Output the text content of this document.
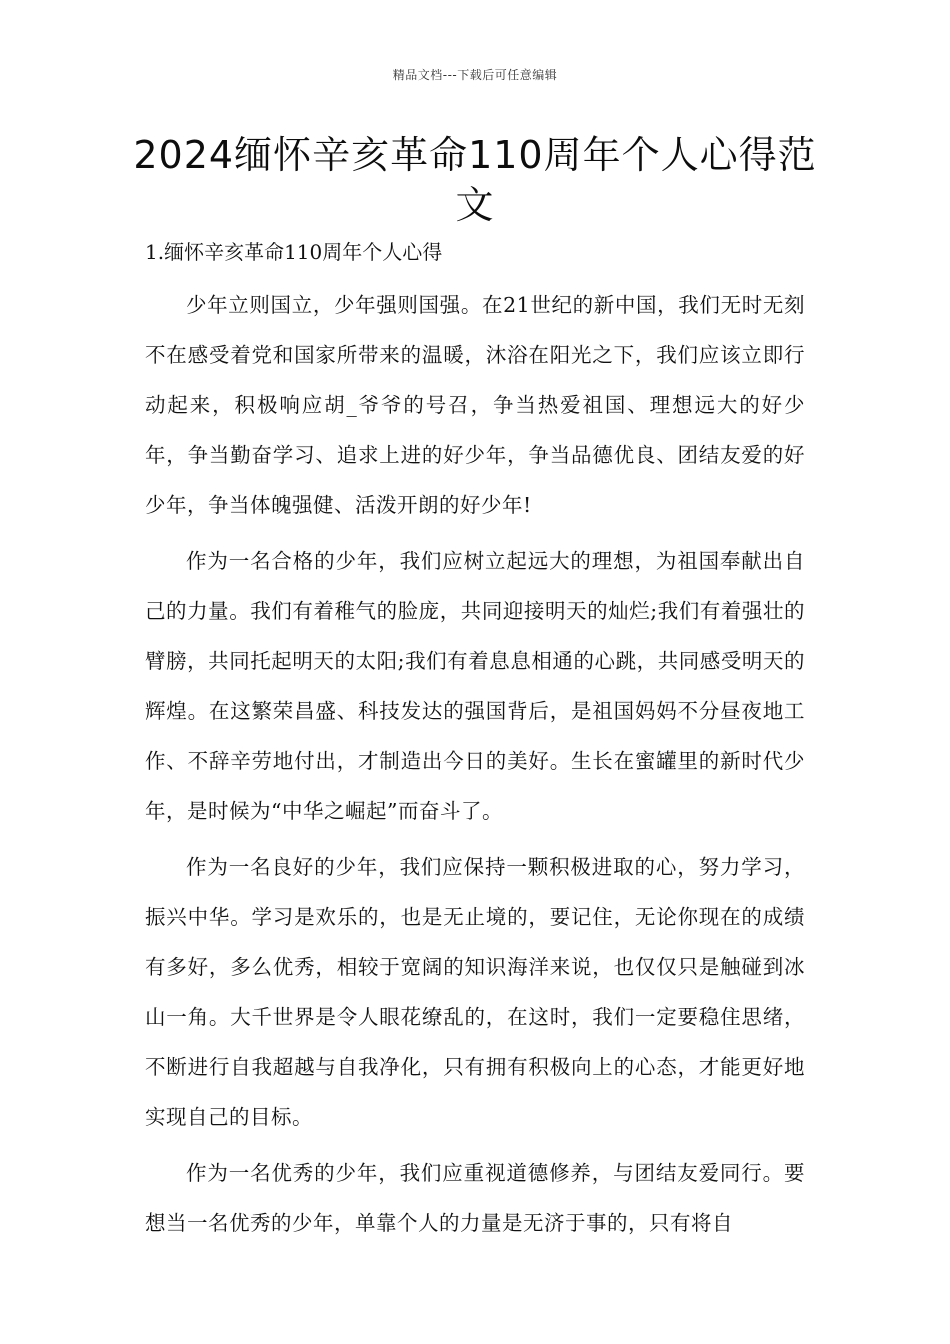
精品文档---下载后可任意编辑
2024缅怀辛亥革命110周年个人心得范文
1.缅怀辛亥革命110周年个人心得

少年立则国立，少年强则国强。在21世纪的新中国，我们无时无刻不在感受着党和国家所带来的温暖，沐浴在阳光之下，我们应该立即行动起来，积极响应胡_爷爷的号召，争当热爱祖国、理想远大的好少年，争当勤奋学习、追求上进的好少年，争当品德优良、团结友爱的好少年，争当体魄强健、活泼开朗的好少年!

作为一名合格的少年，我们应树立起远大的理想，为祖国奉献出自己的力量。我们有着稚气的脸庞，共同迎接明天的灿烂;我们有着强壮的臂膀，共同托起明天的太阳;我们有着息息相通的心跳，共同感受明天的辉煌。在这繁荣昌盛、科技发达的强国背后，是祖国妈妈不分昼夜地工作、不辞辛劳地付出，才制造出今日的美好。生长在蜜罐里的新时代少年，是时候为“中华之崛起”而奋斗了。

作为一名良好的少年，我们应保持一颗积极进取的心，努力学习，振兴中华。学习是欢乐的，也是无止境的，要记住，无论你现在的成绩有多好，多么优秀，相较于宽阔的知识海洋来说，也仅仅只是触碰到冰山一角。大千世界是令人眼花缭乱的，在这时，我们一定要稳住思绪，不断进行自我超越与自我净化，只有拥有积极向上的心态，才能更好地实现自己的目标。

作为一名优秀的少年，我们应重视道德修养，与团结友爱同行。要想当一名优秀的少年，单靠个人的力量是无济于事的，只有将自
